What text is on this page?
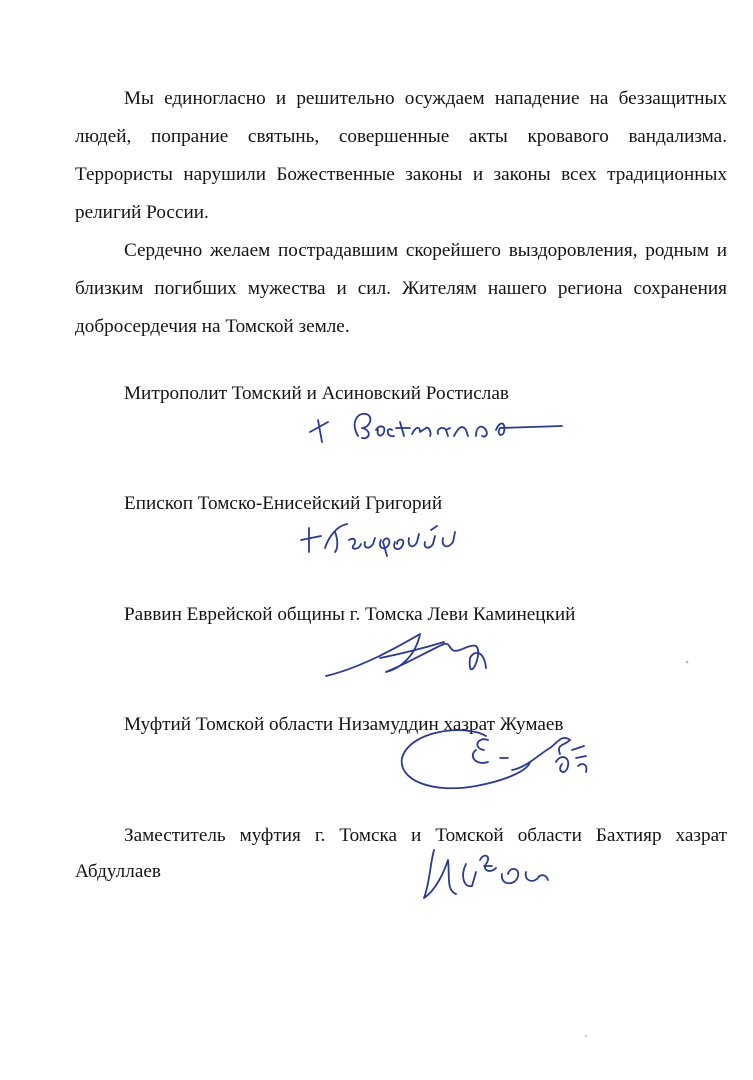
Мы единогласно и решительно осуждаем нападение на беззащитных людей, попрание святынь, совершенные акты кровавого вандализма. Террористы нарушили Божественные законы и законы всех традиционных религий России.

Сердечно желаем пострадавшим скорейшего выздоровления, родным и близким погибших мужества и сил. Жителям нашего региона сохранения добросердечия на Томской земле.

Митрополит Томский и Асиновский Ростислав

Епископ Томско-Енисейский Григорий

Раввин Еврейской общины г. Томска Леви Каминецкий

Муфтий Томской области Низамуддин хазрат Жумаев

Заместитель муфтия г. Томска и Томской области Бахтияр хазрат Абдуллаев
